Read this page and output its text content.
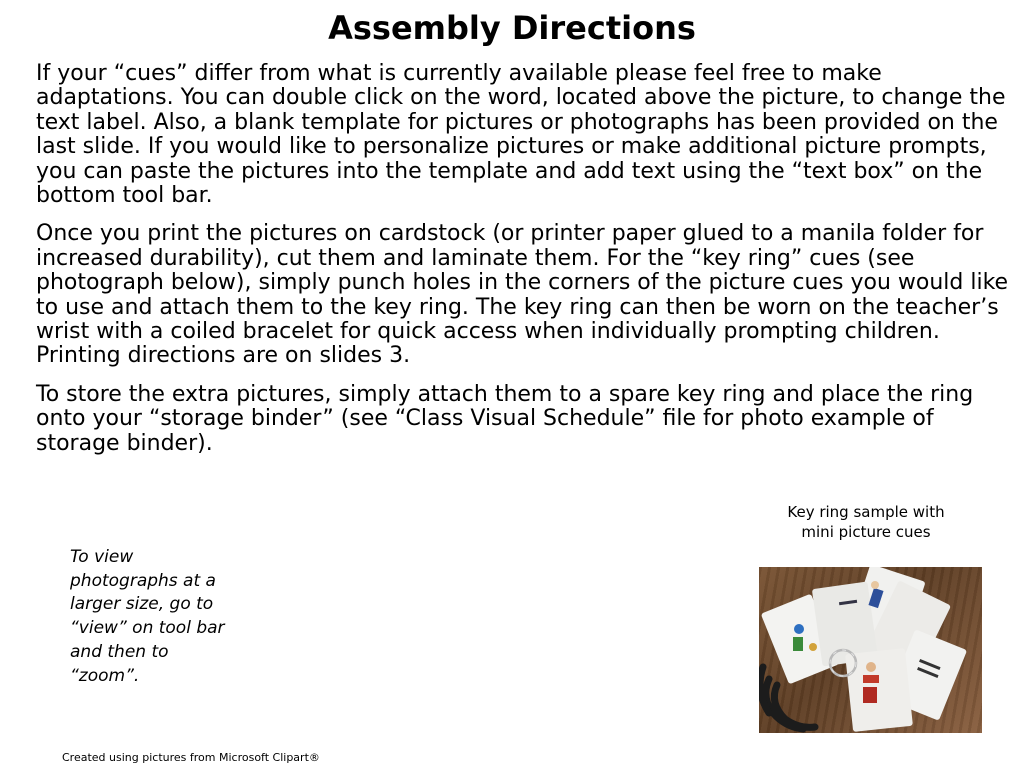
Assembly Directions

If your “cues” differ from what is currently available please feel free to make adaptations. You can double click on the word, located above the picture, to change the text label. Also, a blank template for pictures or photographs has been provided on the last slide. If you would like to personalize pictures or make additional picture prompts, you can paste the pictures into the template and add text using the “text box” on the bottom tool bar.

Once you print the pictures on cardstock (or printer paper glued to a manila folder for increased durability), cut them and laminate them. For the “key ring” cues (see photograph below), simply punch holes in the corners of the picture cues you would like to use and attach them to the key ring. The key ring can then be worn on the teacher’s wrist with a coiled bracelet for quick access when individually prompting children. Printing directions are on slides 3.

To store the extra pictures, simply attach them to a spare key ring and place the ring onto your “storage binder” (see “Class Visual Schedule” file for photo example of storage binder).

To view photographs at a larger size, go to “view” on tool bar and then to “zoom”.
Key ring sample with mini picture cues
Created using pictures from Microsoft Clipart®
